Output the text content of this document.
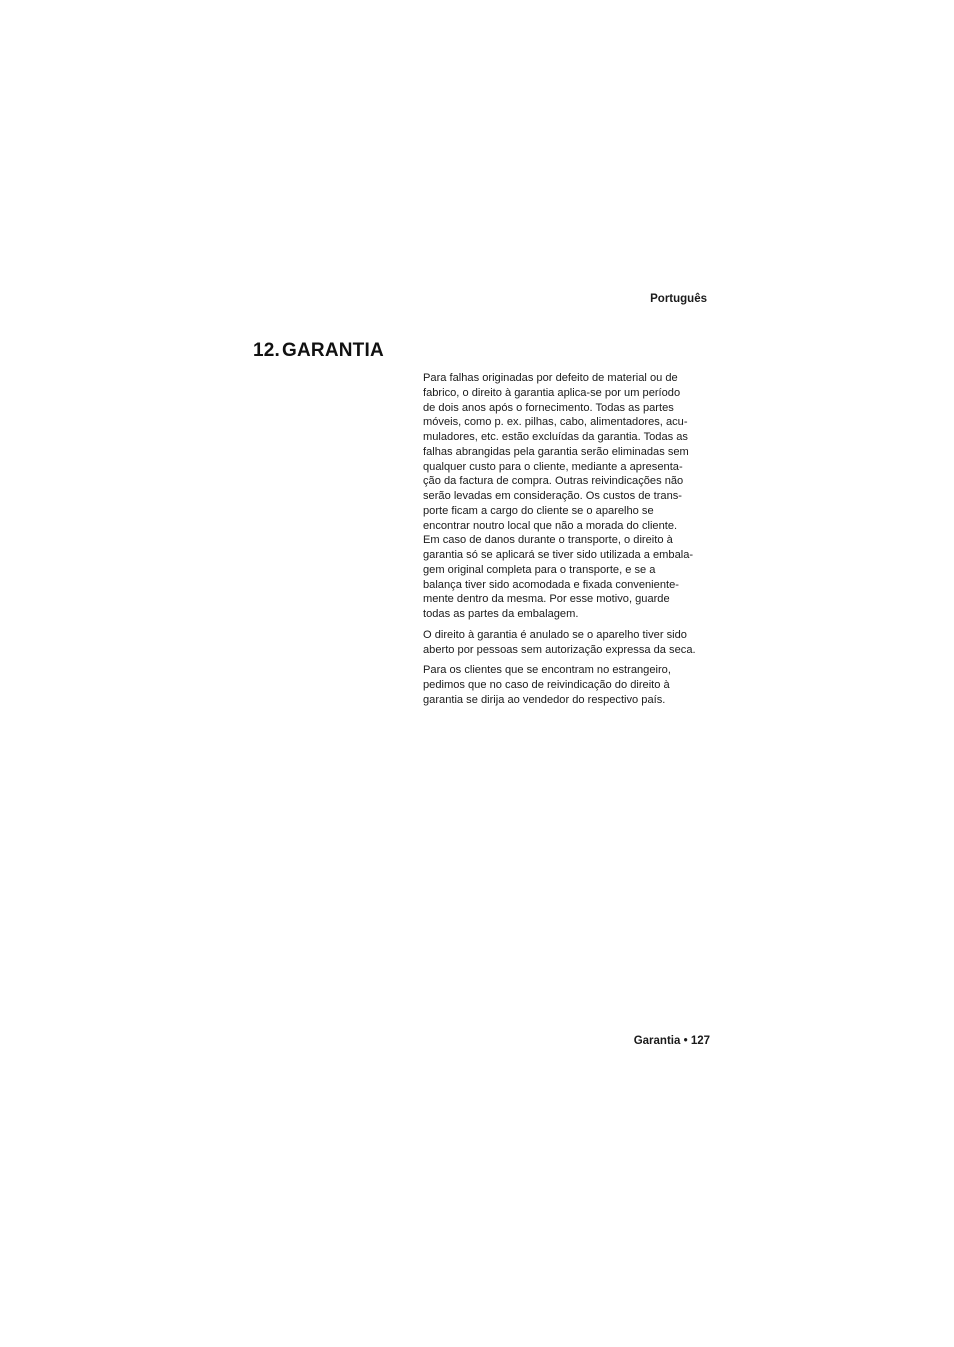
Português
12. GARANTIA

Para falhas originadas por defeito de material ou de
fabrico, o direito à garantia aplica-se por um período
de dois anos após o fornecimento. Todas as partes
móveis, como p. ex. pilhas, cabo, alimentadores, acu-
muladores, etc. estão excluídas da garantia. Todas as
falhas abrangidas pela garantia serão eliminadas sem
qualquer custo para o cliente, mediante a apresenta-
ção da factura de compra. Outras reivindicações não
serão levadas em consideração. Os custos de trans-
porte ficam a cargo do cliente se o aparelho se
encontrar noutro local que não a morada do cliente.
Em caso de danos durante o transporte, o direito à
garantia só se aplicará se tiver sido utilizada a embala-
gem original completa para o transporte, e se a
balança tiver sido acomodada e fixada conveniente-
mente dentro da mesma. Por esse motivo, guarde
todas as partes da embalagem.

O direito à garantia é anulado se o aparelho tiver sido
aberto por pessoas sem autorização expressa da seca.

Para os clientes que se encontram no estrangeiro,
pedimos que no caso de reivindicação do direito à
garantia se dirija ao vendedor do respectivo país.

Garantia • 127
